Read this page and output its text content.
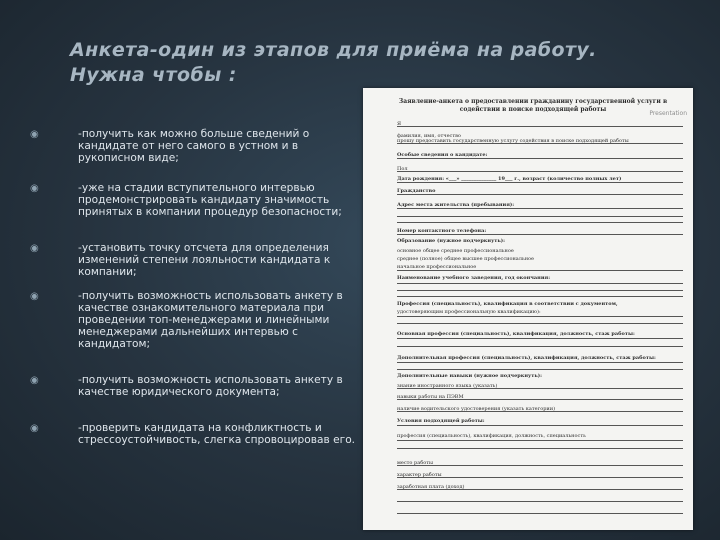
Анкета-один из этапов для приёма на работу.
Нужна чтобы :
◉	-получить как можно больше сведений о кандидате от него самого в устном и в рукописном виде;
◉	-уже на стадии вступительного интервью продемонстрировать кандидату значимость принятых в компании процедур безопасности;
◉	-установить точку отсчета для определения изменений степени лояльности кандидата к компании;
◉	-получить возможность использовать анкету в качестве ознакомительного материала при проведении топ-менеджерами и линейными менеджерами дальнейших интервью с кандидатом;
◉	-получить возможность использовать анкету в качестве юридического документа;
◉	-проверить кандидата на конфликтность и стрессоустойчивость, слегка спровоцировав его.
Заявление-анкета о предоставлении гражданину государственной услуги в содействии в поиске подходящей работы
Presentation
Я
фамилия, имя, отчество
прошу предоставить государственную услугу содействия в поиске подходящей работы
Особые сведения о кандидате:
Пол
Дата рождения: «___» ______________ 19___ г., возраст (количество полных лет)
Гражданство
Адрес места жительства (пребывания):
Номер контактного телефона:
Образование (нужное подчеркнуть):
основное общее среднее профессиональное
среднее (полное) общее высшее профессиональное
начальное профессиональное
Наименование учебного заведения, год окончания:
Профессия (специальность), квалификация в соответствии с документом,
удостоверяющим профессиональную квалификацию):
Основная профессия (специальность), квалификация, должность, стаж работы:
Дополнительная профессия (специальность), квалификация, должность, стаж работы:
Дополнительные навыки (нужное подчеркнуть):
знание иностранного языка (указать)
навыки работы на ПЭВМ
наличие водительского удостоверения (указать категории)
Условия подходящей работы:
профессия (специальность), квалификация, должность, специальность
место работы
характер работы
заработная плата (доход)
